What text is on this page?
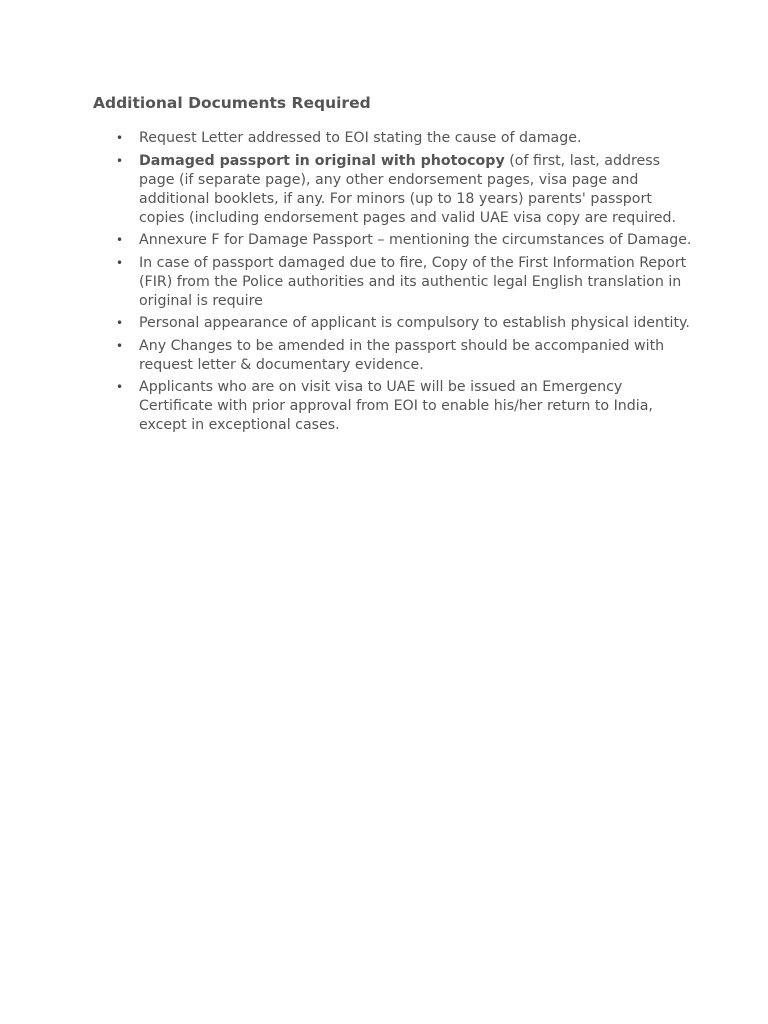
Additional Documents Required
• Request Letter addressed to EOI stating the cause of damage.
• Damaged passport in original with photocopy (of first, last, address page (if separate page), any other endorsement pages, visa page and additional booklets, if any. For minors (up to 18 years) parents' passport copies (including endorsement pages and valid UAE visa copy are required.
• Annexure F for Damage Passport – mentioning the circumstances of Damage.
• In case of passport damaged due to fire, Copy of the First Information Report (FIR) from the Police authorities and its authentic legal English translation in original is require
• Personal appearance of applicant is compulsory to establish physical identity.
• Any Changes to be amended in the passport should be accompanied with request letter & documentary evidence.
• Applicants who are on visit visa to UAE will be issued an Emergency Certificate with prior approval from EOI to enable his/her return to India, except in exceptional cases.
